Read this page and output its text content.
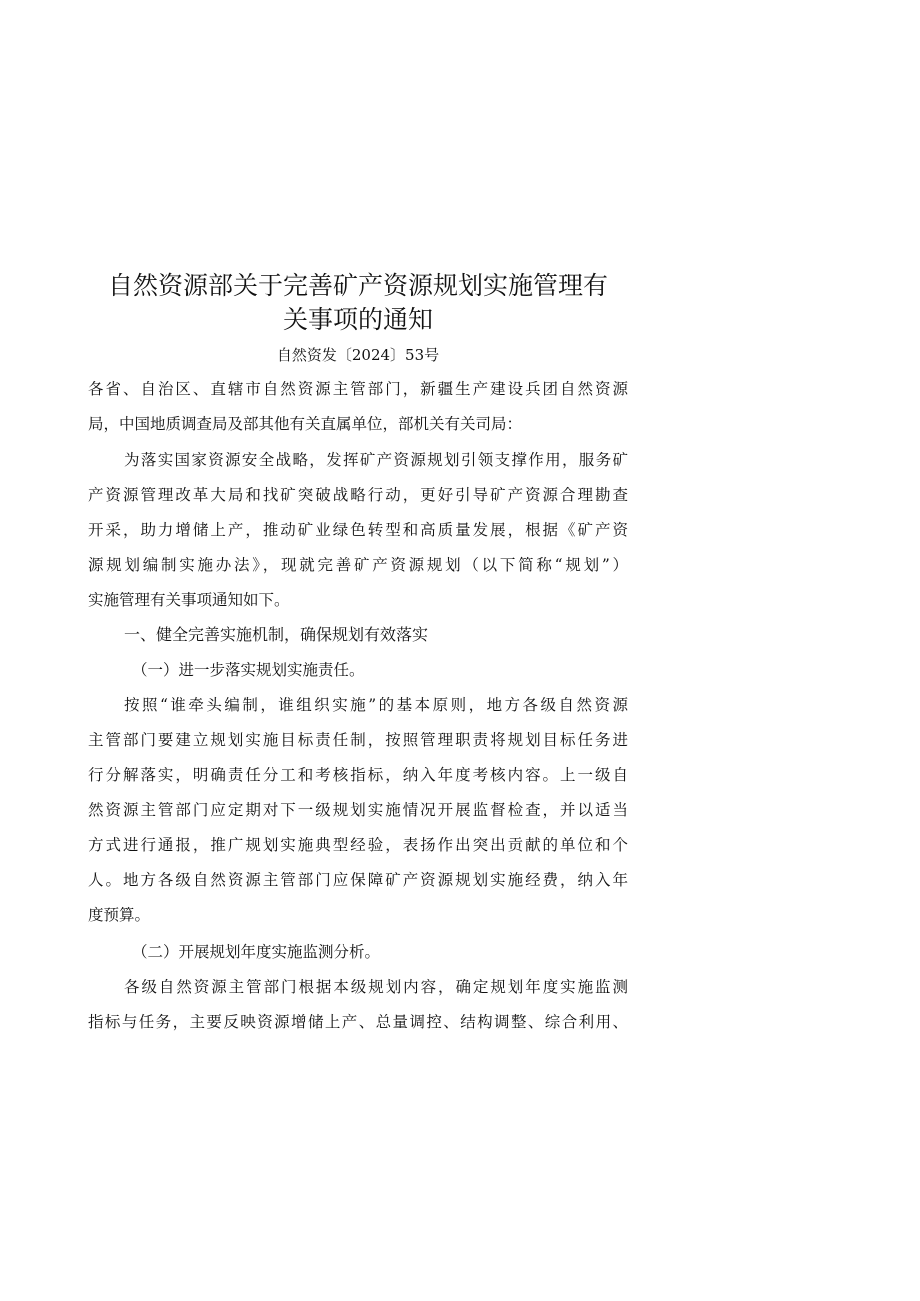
自然资源部关于完善矿产资源规划实施管理有
关事项的通知
自然资发〔2024〕53号
各省、自治区、直辖市自然资源主管部门，新疆生产建设兵团自然资源
局，中国地质调查局及部其他有关直属单位，部机关有关司局：
为落实国家资源安全战略，发挥矿产资源规划引领支撑作用，服务矿
产资源管理改革大局和找矿突破战略行动，更好引导矿产资源合理勘查
开采，助力增储上产，推动矿业绿色转型和高质量发展，根据《矿产资
源规划编制实施办法》，现就完善矿产资源规划（以下简称“规划”）
实施管理有关事项通知如下。
一、健全完善实施机制，确保规划有效落实
（一）进一步落实规划实施责任。
按照“谁牵头编制，谁组织实施”的基本原则，地方各级自然资源
主管部门要建立规划实施目标责任制，按照管理职责将规划目标任务进
行分解落实，明确责任分工和考核指标，纳入年度考核内容。上一级自
然资源主管部门应定期对下一级规划实施情况开展监督检查，并以适当
方式进行通报，推广规划实施典型经验，表扬作出突出贡献的单位和个
人。地方各级自然资源主管部门应保障矿产资源规划实施经费，纳入年
度预算。
（二）开展规划年度实施监测分析。
各级自然资源主管部门根据本级规划内容，确定规划年度实施监测
指标与任务，主要反映资源增储上产、总量调控、结构调整、综合利用、
